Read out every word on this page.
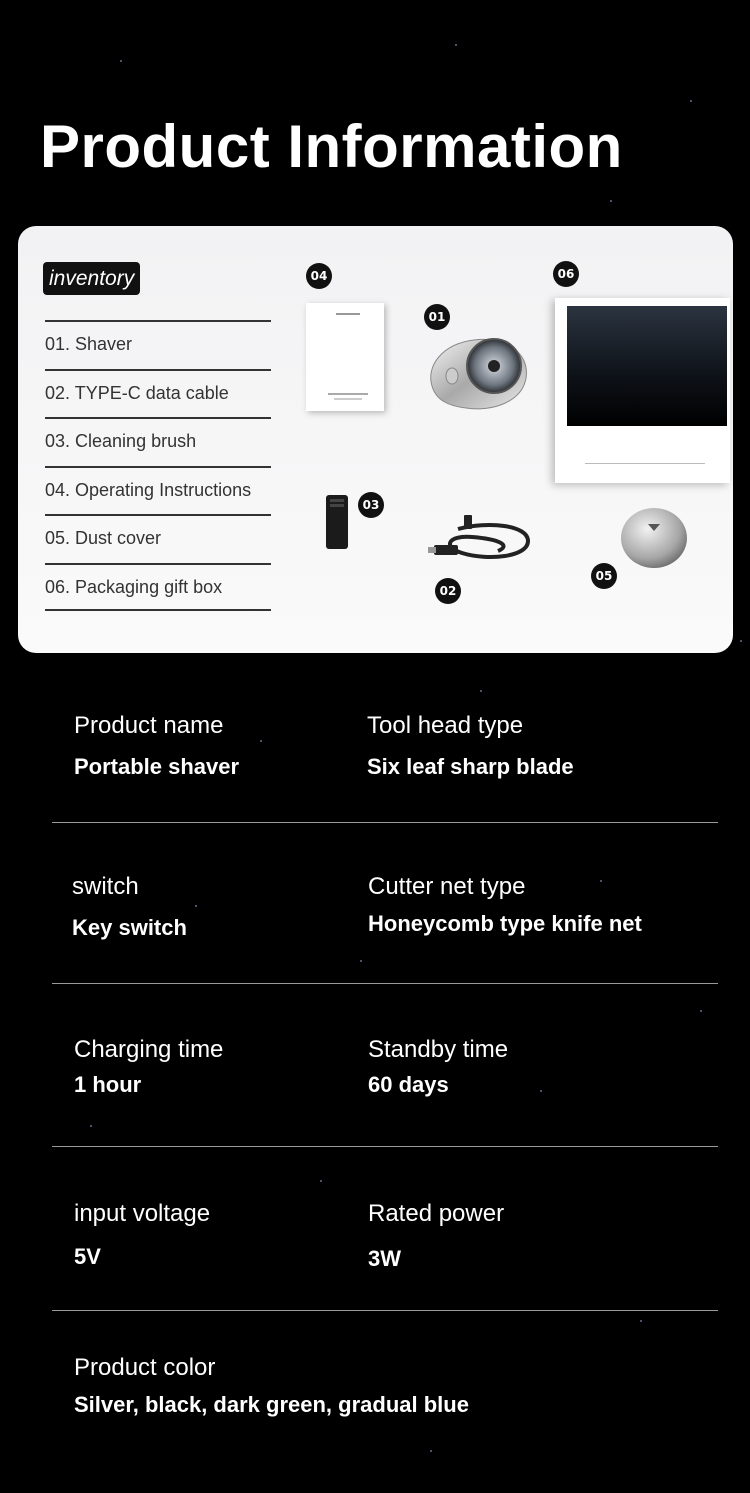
Product Information
inventory
01. Shaver
02. TYPE-C data cable
03. Cleaning brush
04. Operating Instructions
05. Dust cover
06. Packaging gift box
04
01
06
03
02
05
Product name
Portable shaver
Tool head type
Six leaf sharp blade
switch
Key switch
Cutter net type
Honeycomb type knife net
Charging time
1 hour
Standby time
60 days
input voltage
5V
Rated power
3W
Product color
Silver, black, dark green, gradual blue
